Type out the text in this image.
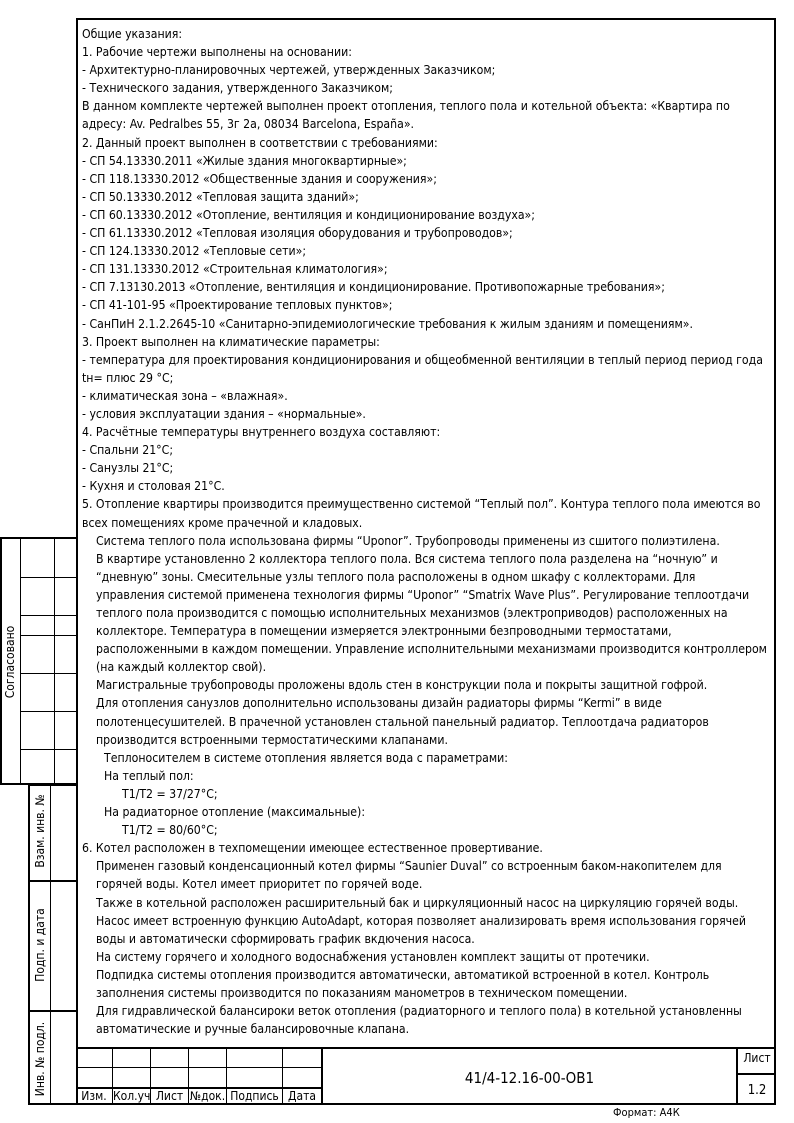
Общие указания:

1. Рабочие чертежи выполнены на основании:

- Архитектурно-планировочных чертежей, утвержденных Заказчиком;

- Технического задания, утвержденного Заказчиком;

В данном комплекте чертежей выполнен проект отопления, теплого пола и котельной объекта: «Квартира по адресу: Av. Pedralbes 55, 3г 2а, 08034 Barcelona, España».

2. Данный проект выполнен в соответствии с требованиями:

- СП 54.13330.2011 «Жилые здания многоквартирные»;

- СП 118.13330.2012 «Общественные здания и сооружения»;

- СП 50.13330.2012 «Тепловая защита зданий»;

- СП 60.13330.2012 «Отопление, вентиляция и кондиционирование воздуха»;

- СП 61.13330.2012 «Тепловая изоляция оборудования и трубопроводов»;

- СП 124.13330.2012 «Тепловые сети»;

- СП 131.13330.2012 «Строительная климатология»;

- СП 7.13130.2013 «Отопление, вентиляция и кондиционирование. Противопожарные требования»;

- СП 41-101-95 «Проектирование тепловых пунктов»;

- СанПиН 2.1.2.2645-10 «Санитарно-эпидемиологические требования к жилым зданиям и помещениям».

3. Проект выполнен на климатические параметры:

- температура для проектирования кондиционирования и общеобменной вентиляции в теплый период период года tн= плюс 29 °С;

- климатическая зона – «влажная».

- условия эксплуатации здания – «нормальные».

4. Расчётные температуры внутреннего воздуха составляют:

- Спальни 21°С;

- Санузлы 21°С;

- Кухня и столовая 21°С.

5. Отопление квартиры производится преимущественно системой “Теплый пол”. Контура теплого пола имеются во всех помещениях кроме прачечной и кладовых.

Система теплого пола использована фирмы “Uponor”. Трубопроводы применены из сшитого полиэтилена.

В квартире установленно 2 коллектора теплого пола. Вся система теплого пола разделена на “ночную” и “дневную” зоны. Смесительные узлы теплого пола расположены в одном шкафу с коллекторами. Для управления системой применена технология фирмы “Uponor” “Smatrix Wave Plus”. Регулирование теплоотдачи теплого пола производится с помощью исполнительных механизмов (электроприводов) расположенных на коллекторе. Температура в помещении измеряется электронными безпроводными термостатами, расположенными в каждом помещении. Управление исполнительными механизмами производится контроллером (на каждый коллектор свой).

Магистральные трубопроводы проложены вдоль стен в конструкции пола и покрыты защитной гофрой.

Для отопления санузлов дополнительно использованы дизайн радиаторы фирмы “Kermi” в виде полотенцесушителей. В прачечной установлен стальной панельный радиатор. Теплоотдача радиаторов производится встроенными термостатическими клапанами.

Теплоносителем в системе отопления является вода с параметрами:

На теплый пол:

Т1/Т2 = 37/27°С;

На радиаторное отопление (максимальные):

Т1/Т2 = 80/60°С;

6. Котел расположен в техпомещении имеющее естественное провертивание.

Применен газовый конденсационный котел фирмы “Saunier Duval” со встроенным баком-накопителем для горячей воды. Котел имеет приоритет по горячей воде.

Также в котельной расположен расширительный бак и циркуляционный насос на циркуляцию горячей воды. Насос имеет встроенную функцию AutoAdapt, которая позволяет анализировать время использования горячей воды и автоматически сформировать график вкдючения насоса.

На систему горячего и холодного водоснабжения установлен комплект защиты от протечики.

Подпидка системы отопления производится автоматически, автоматикой встроенной в котел. Контроль заполнения системы производится по показаниям манометров в техническом помещении.

Для гидравлической балансироки веток отопления (радиаторного и теплого пола) в котельной установленны автоматические и ручные балансировочные клапана.

Согласовано
Взам. инв. №
Подп. и дата
Инв. № подл.	Изм. Кол.уч Лист №док. Подпись Дата
41/4-12.16-00-ОВ1
Лист
1.2
Формат: А4К
